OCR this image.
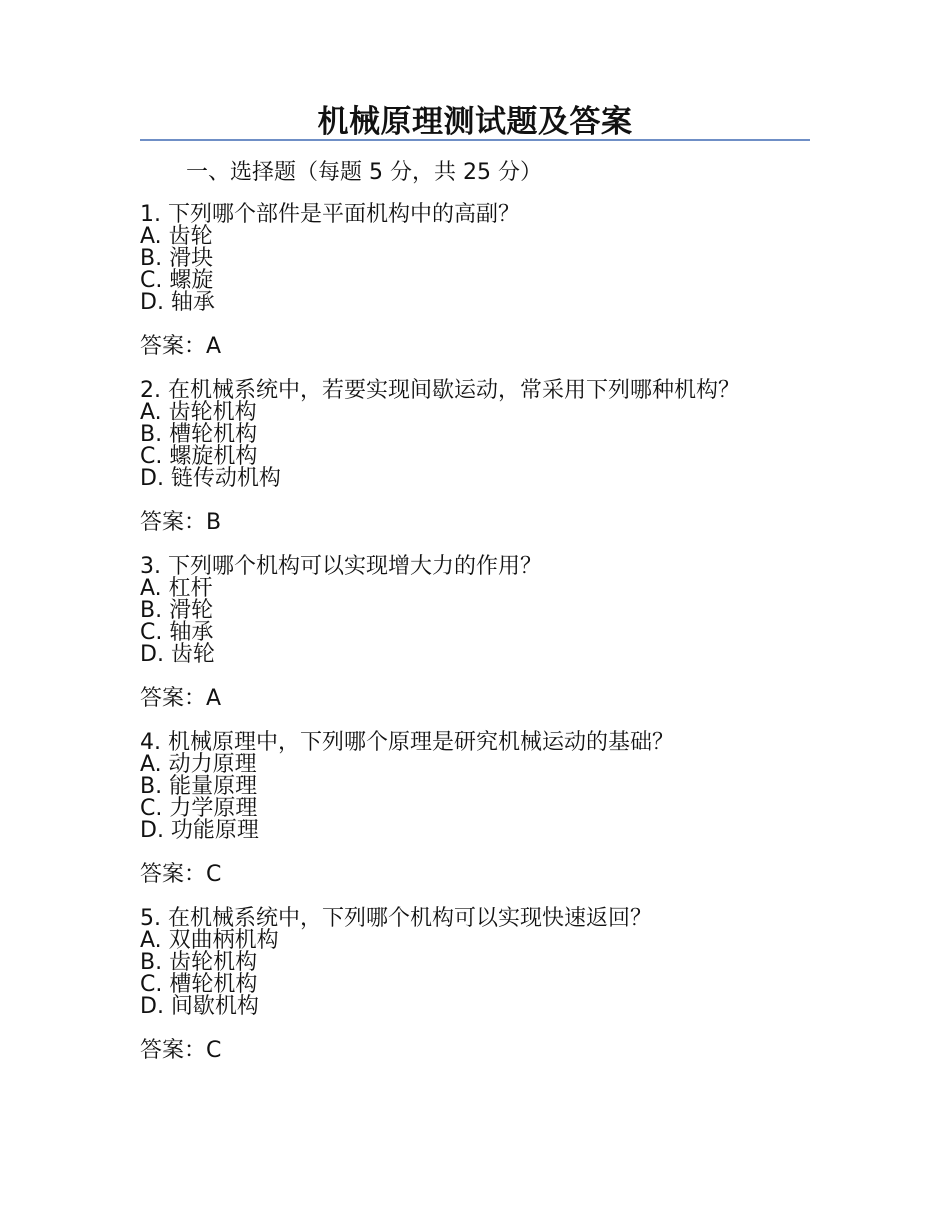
机械原理测试题及答案
一、选择题（每题 5 分，共 25 分）

1. 下列哪个部件是平面机构中的高副？

A. 齿轮
B. 滑块
C. 螺旋
D. 轴承
答案：A

2. 在机械系统中，若要实现间歇运动，常采用下列哪种机构？

A. 齿轮机构
B. 槽轮机构
C. 螺旋机构
D. 链传动机构
答案：B

3. 下列哪个机构可以实现增大力的作用？

A. 杠杆
B. 滑轮
C. 轴承
D. 齿轮
答案：A

4. 机械原理中，下列哪个原理是研究机械运动的基础？

A. 动力原理
B. 能量原理
C. 力学原理
D. 功能原理
答案：C

5. 在机械系统中，下列哪个机构可以实现快速返回？

A. 双曲柄机构
B. 齿轮机构
C. 槽轮机构
D. 间歇机构
答案：C
